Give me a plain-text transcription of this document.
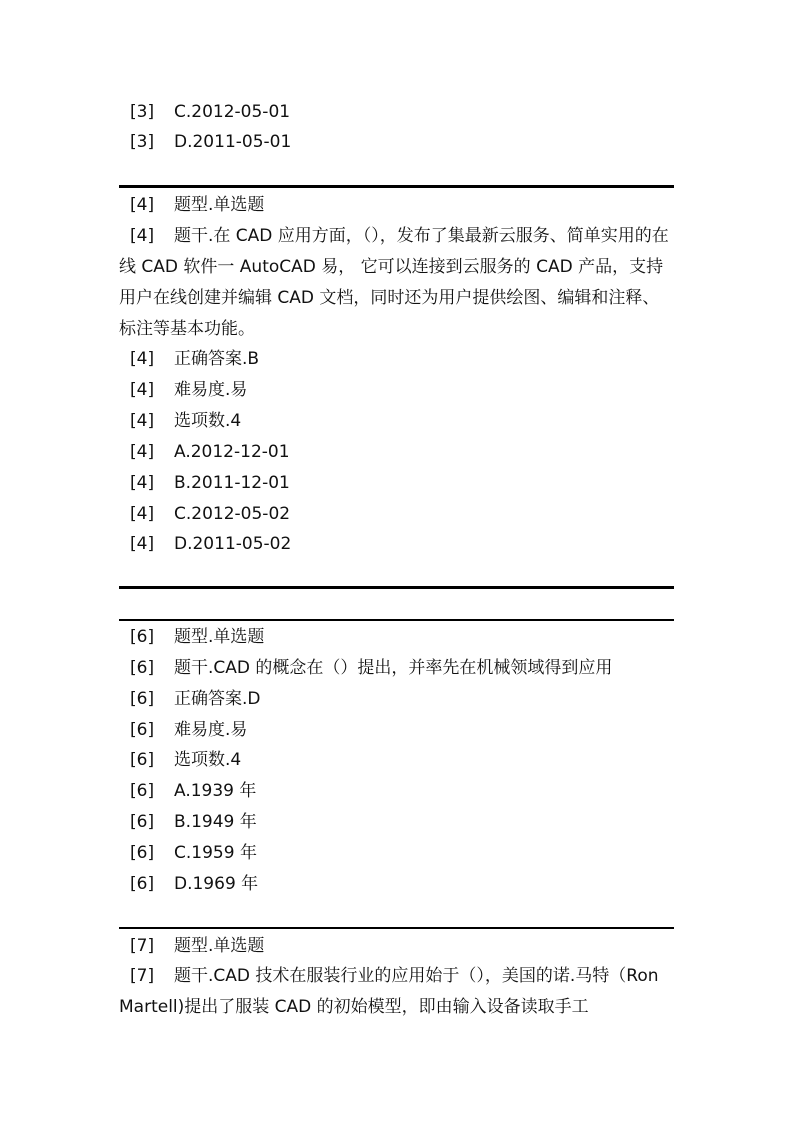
[3] C.2012-05-01
[3] D.2011-05-01
[4] 题型.单选题
[4] 题干.在 CAD 应用方面，（），发布了集最新云服务、简单实用的在线 CAD 软件一 AutoCAD 易， 它可以连接到云服务的 CAD 产品，支持用户在线创建并编辑 CAD 文档，同时还为用户提供绘图、编辑和注释、标注等基本功能。
[4] 正确答案.B
[4] 难易度.易
[4] 选项数.4
[4] A.2012-12-01
[4] B.2011-12-01
[4] C.2012-05-02
[4] D.2011-05-02
[6] 题型.单选题
[6] 题干.CAD 的概念在（）提出，并率先在机械领域得到应用
[6] 正确答案.D
[6] 难易度.易
[6] 选项数.4
[6] A.1939 年
[6] B.1949 年
[6] C.1959 年
[6] D.1969 年
[7] 题型.单选题
[7] 题干.CAD 技术在服装行业的应用始于（），美国的诺.马特（Ron Martell)提出了服装 CAD 的初始模型，即由输入设备读取手工
